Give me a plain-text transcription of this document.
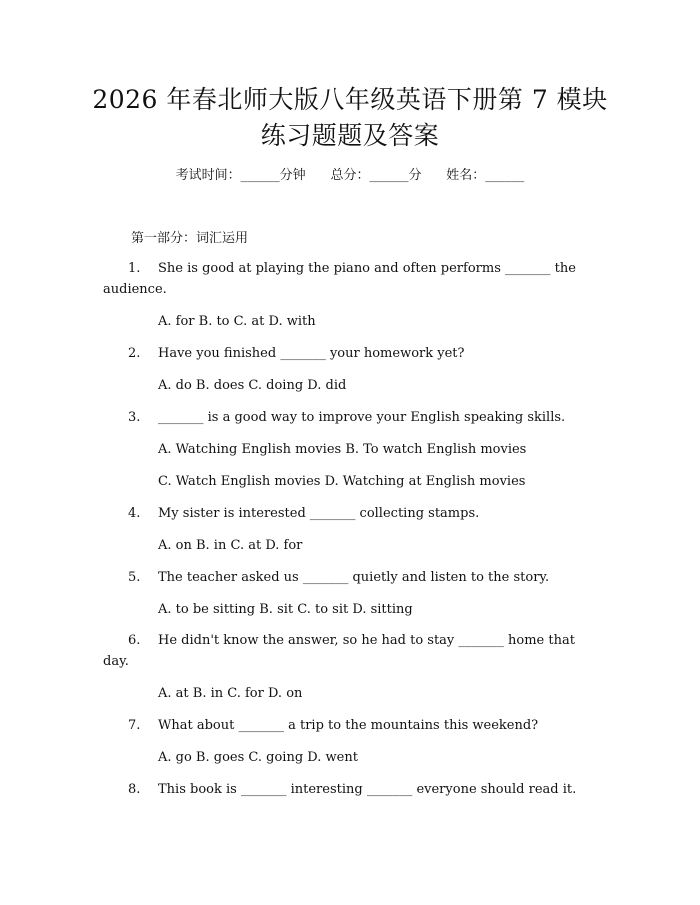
2026 年春北师大版八年级英语下册第 7 模块
练习题题及答案
考试时间：______分钟 总分：______分 姓名：______
第一部分：词汇运用
1.	She is good at playing the piano and often performs _______ the
audience.
A. for B. to C. at D. with
2.	Have you finished _______ your homework yet?
A. do B. does C. doing D. did
3.	_______ is a good way to improve your English speaking skills.
A. Watching English movies B. To watch English movies
C. Watch English movies D. Watching at English movies
4.	My sister is interested _______ collecting stamps.
A. on B. in C. at D. for
5.	The teacher asked us _______ quietly and listen to the story.
A. to be sitting B. sit C. to sit D. sitting
6.	He didn't know the answer, so he had to stay _______ home that
day.
A. at B. in C. for D. on
7.	What about _______ a trip to the mountains this weekend?
A. go B. goes C. going D. went
8.	This book is _______ interesting _______ everyone should read it.
